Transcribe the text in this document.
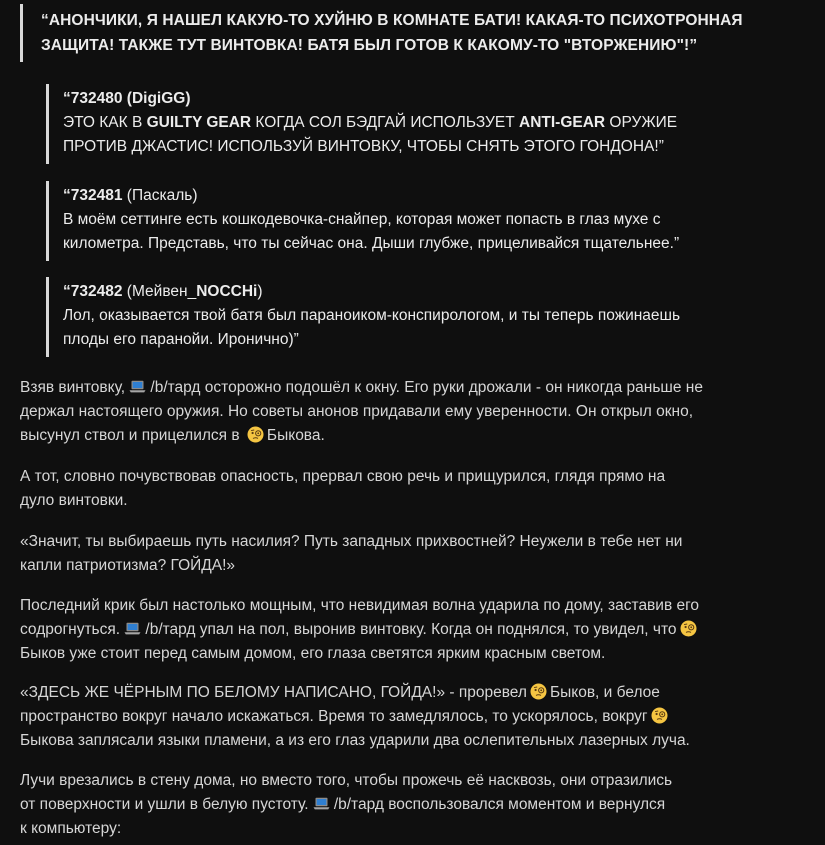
“АНОНЧИКИ, Я НАШЕЛ КАКУЮ-ТО ХУЙНЮ В КОМНАТЕ БАТИ! КАКАЯ-ТО ПСИХОТРОННАЯ
ЗАЩИТА! ТАКЖЕ ТУТ ВИНТОВКА! БАТЯ БЫЛ ГОТОВ К КАКОМУ-ТО "ВТОРЖЕНИЮ"!”
“732480 (DigiGG)
ЭТО КАК В GUILTY GEAR КОГДА СОЛ БЭДГАЙ ИСПОЛЬЗУЕТ ANTI-GEAR ОРУЖИЕ
ПРОТИВ ДЖАСТИС! ИСПОЛЬЗУЙ ВИНТОВКУ, ЧТОБЫ СНЯТЬ ЭТОГО ГОНДОНА!”
“732481 (Паскаль)
В моём сеттинге есть кошкодевочка-снайпер, которая может попасть в глаз мухе с
километра. Представь, что ты сейчас она. Дыши глубже, прицеливайся тщательнее.”
“732482 (Мейвен_NOCCHi)
Лол, оказывается твой батя был параноиком-конспирологом, и ты теперь пожинаешь
плоды его паранойи. Иронично)”

Взяв винтовку, /b/тард осторожно подошёл к окну. Его руки дрожали - он никогда раньше не
держал настоящего оружия. Но советы анонов придавали ему уверенности. Он открыл окно,
высунул ствол и прицелился в Быкова.

А тот, словно почувствовав опасность, прервал свою речь и прищурился, глядя прямо на
дуло винтовки.

«Значит, ты выбираешь путь насилия? Путь западных прихвостней? Неужели в тебе нет ни
капли патриотизма? ГОЙДА!»

Последний крик был настолько мощным, что невидимая волна ударила по дому, заставив его
содрогнуться. /b/тард упал на пол, выронив винтовку. Когда он поднялся, то увидел, что
Быков уже стоит перед самым домом, его глаза светятся ярким красным светом.

«ЗДЕСЬ ЖЕ ЧЁРНЫМ ПО БЕЛОМУ НАПИСАНО, ГОЙДА!» - проревел Быков, и белое
пространство вокруг начало искажаться. Время то замедлялось, то ускорялось, вокруг
Быкова заплясали языки пламени, а из его глаз ударили два ослепительных лазерных луча.

Лучи врезались в стену дома, но вместо того, чтобы прожечь её насквозь, они отразились
от поверхности и ушли в белую пустоту. /b/тард воспользовался моментом и вернулся
к компьютеру:
